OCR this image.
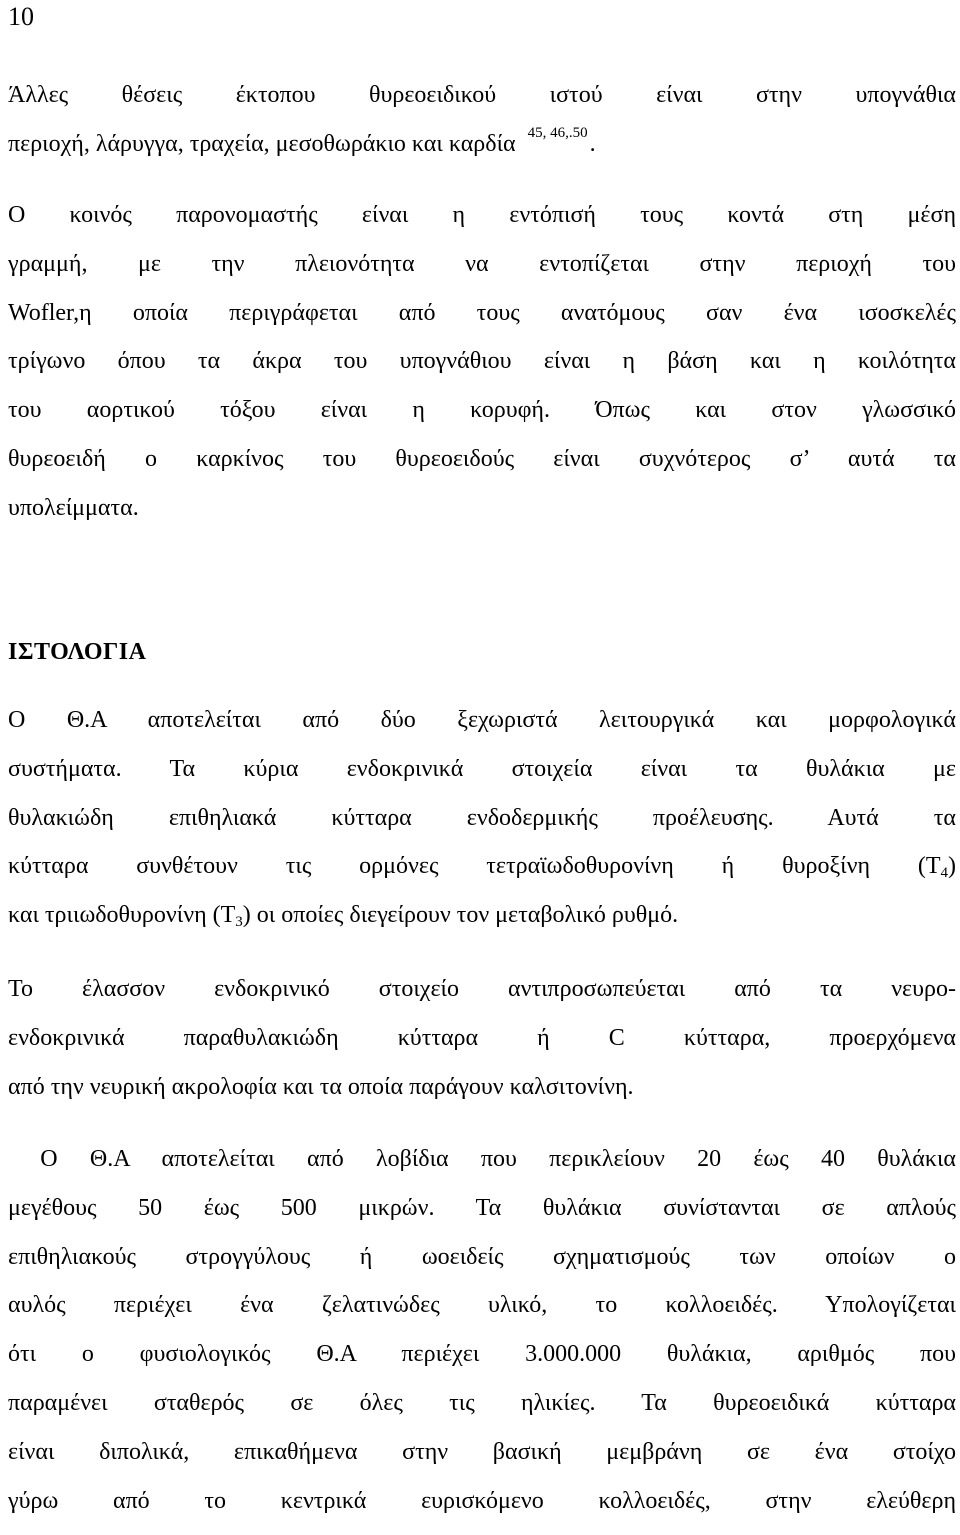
10
Άλλες θέσεις έκτοπου θυρεοειδικού ιστού είναι στην υπογνάθια
περιοχή, λάρυγγα, τραχεία, μεσοθωράκιο και καρδία $^{45, 46,.50}$.
Ο κοινός παρονομαστής είναι η εντόπισή τους κοντά στη μέση
γραμμή, με την πλειονότητα να εντοπίζεται στην περιοχή του
Wofler,η οποία περιγράφεται από τους ανατόμους σαν ένα ισοσκελές
τρίγωνο όπου τα άκρα του υπογνάθιου είναι η βάση και η κοιλότητα
του αορτικού τόξου είναι η κορυφή. Όπως και στον γλωσσικό
θυρεοειδή ο καρκίνος του θυρεοειδούς είναι συχνότερος σ’ αυτά τα
υπολείμματα.
ΙΣΤΟΛΟΓΙΑ
Ο Θ.Α αποτελείται από δύο ξεχωριστά λειτουργικά και μορφολογικά
συστήματα. Τα κύρια ενδοκρινικά στοιχεία είναι τα θυλάκια με
θυλακιώδη επιθηλιακά κύτταρα ενδοδερμικής προέλευσης. Αυτά τα
κύτταρα συνθέτουν τις ορμόνες τετραϊωδοθυρονίνη ή θυροξίνη $(T_4)$
και τριιωδοθυρονίνη $(T_3)$ οι οποίες διεγείρουν τον μεταβολικό ρυθμό.
Το έλασσον ενδοκρινικό στοιχείο αντιπροσωπεύεται από τα νευρο-
ενδοκρινικά παραθυλακιώδη κύτταρα ή C κύτταρα, προερχόμενα
από την νευρική ακρολοφία και τα οποία παράγουν καλσιτονίνη.
Ο Θ.Α αποτελείται από λοβίδια που περικλείουν 20 έως 40 θυλάκια
μεγέθους 50 έως 500 μικρών. Τα θυλάκια συνίστανται σε απλούς
επιθηλιακούς στρογγύλους ή ωοειδείς σχηματισμούς των οποίων ο
αυλός περιέχει ένα ζελατινώδες υλικό, το κολλοειδές. Υπολογίζεται
ότι ο φυσιολογικός Θ.Α περιέχει 3.000.000 θυλάκια, αριθμός που
παραμένει σταθερός σε όλες τις ηλικίες. Τα θυρεοειδικά κύτταρα
είναι διπολικά, επικαθήμενα στην βασική μεμβράνη σε ένα στοίχο
γύρω από το κεντρικά ευρισκόμενο κολλοειδές, στην ελεύθερη
